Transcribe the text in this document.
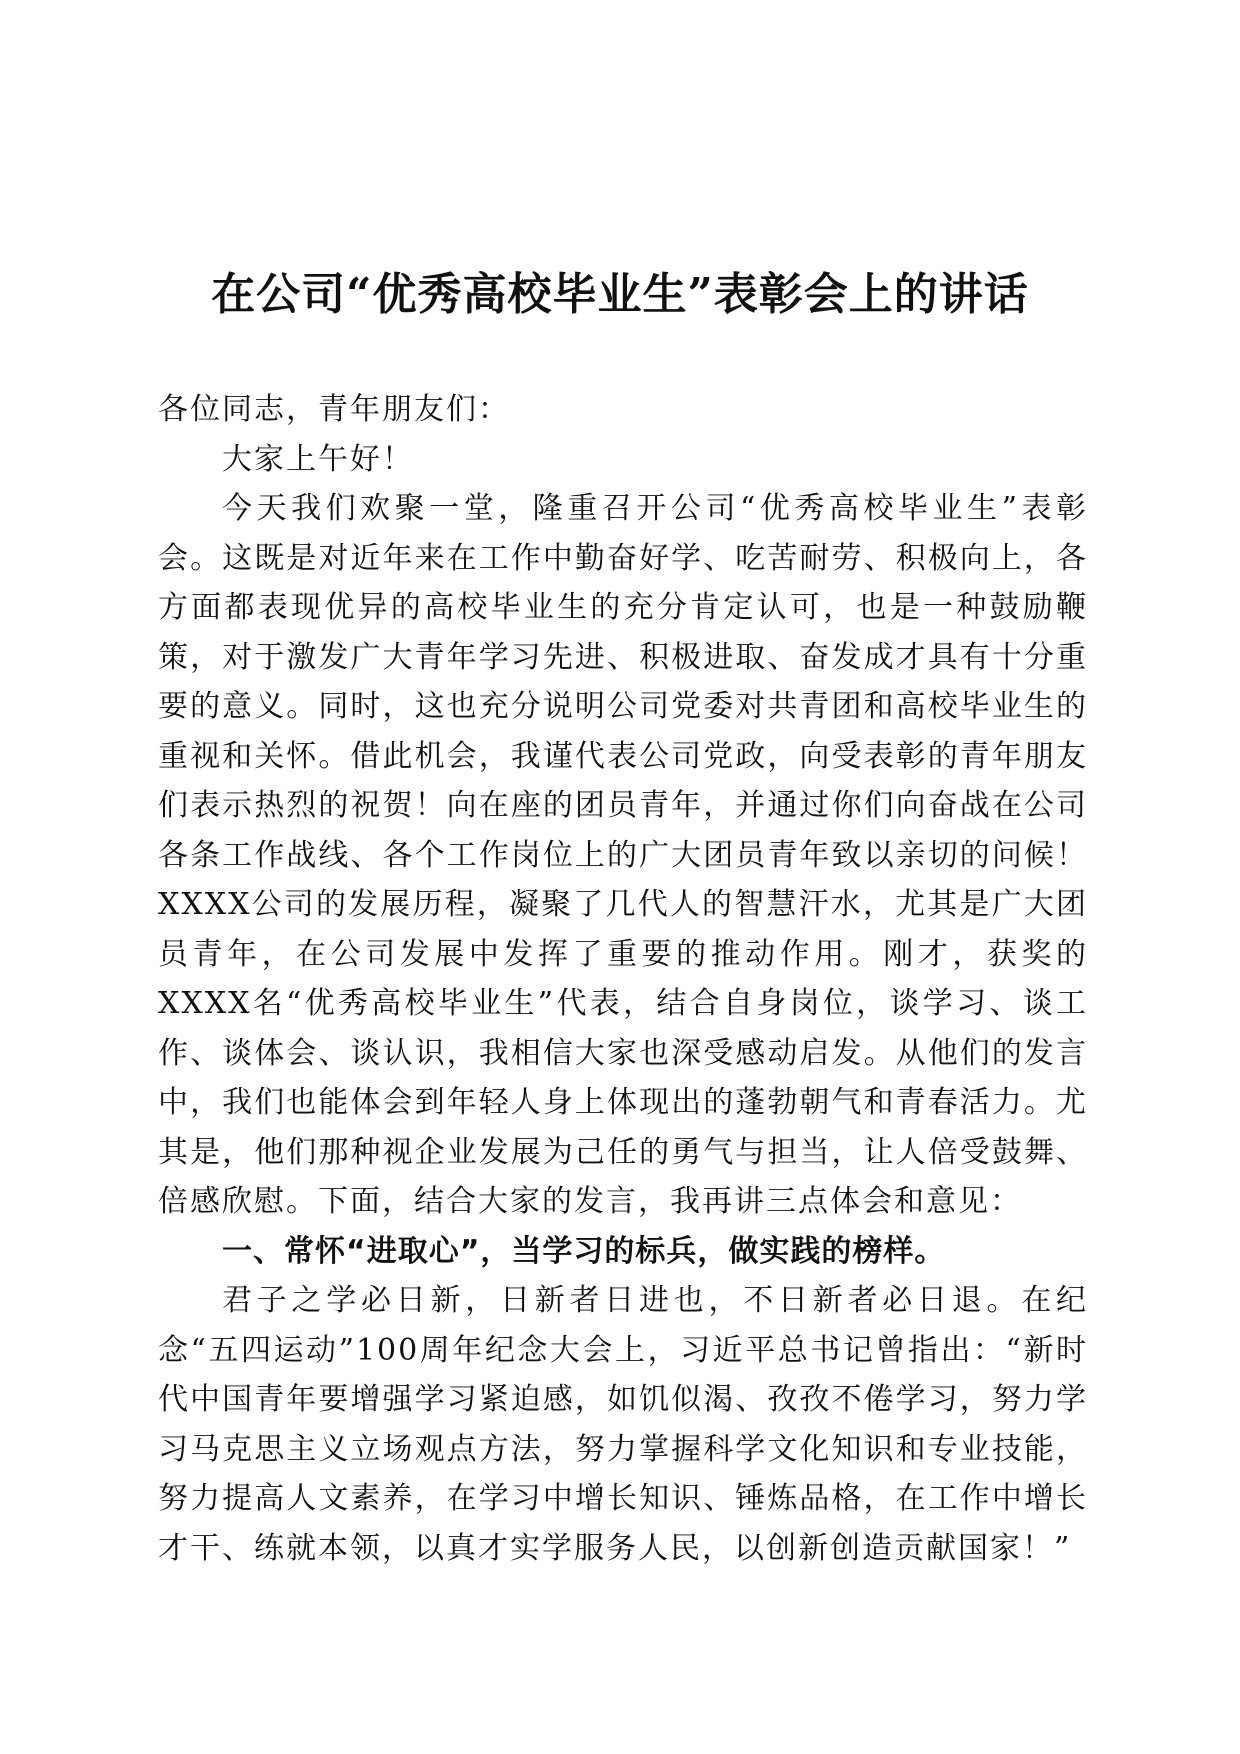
在公司“优秀高校毕业生”表彰会上的讲话

各位同志，青年朋友们：

大家上午好！

今天我们欢聚一堂，隆重召开公司“优秀高校毕业生”表彰会。这既是对近年来在工作中勤奋好学、吃苦耐劳、积极向上，各方面都表现优异的高校毕业生的充分肯定认可，也是一种鼓励鞭策，对于激发广大青年学习先进、积极进取、奋发成才具有十分重要的意义。同时，这也充分说明公司党委对共青团和高校毕业生的重视和关怀。借此机会，我谨代表公司党政，向受表彰的青年朋友们表示热烈的祝贺！向在座的团员青年，并通过你们向奋战在公司各条工作战线、各个工作岗位上的广大团员青年致以亲切的问候！XXXX公司的发展历程，凝聚了几代人的智慧汗水，尤其是广大团员青年，在公司发展中发挥了重要的推动作用。刚才，获奖的XXXX名“优秀高校毕业生”代表，结合自身岗位，谈学习、谈工作、谈体会、谈认识，我相信大家也深受感动启发。从他们的发言中，我们也能体会到年轻人身上体现出的蓬勃朝气和青春活力。尤其是，他们那种视企业发展为己任的勇气与担当，让人倍受鼓舞、倍感欣慰。下面，结合大家的发言，我再讲三点体会和意见：

一、常怀“进取心”，当学习的标兵，做实践的榜样。

君子之学必日新，日新者日进也，不日新者必日退。在纪念“五四运动”100周年纪念大会上，习近平总书记曾指出：“新时代中国青年要增强学习紧迫感，如饥似渴、孜孜不倦学习，努力学习马克思主义立场观点方法，努力掌握科学文化知识和专业技能，努力提高人文素养，在学习中增长知识、锤炼品格，在工作中增长才干、练就本领，以真才实学服务人民，以创新创造贡献国家！”
